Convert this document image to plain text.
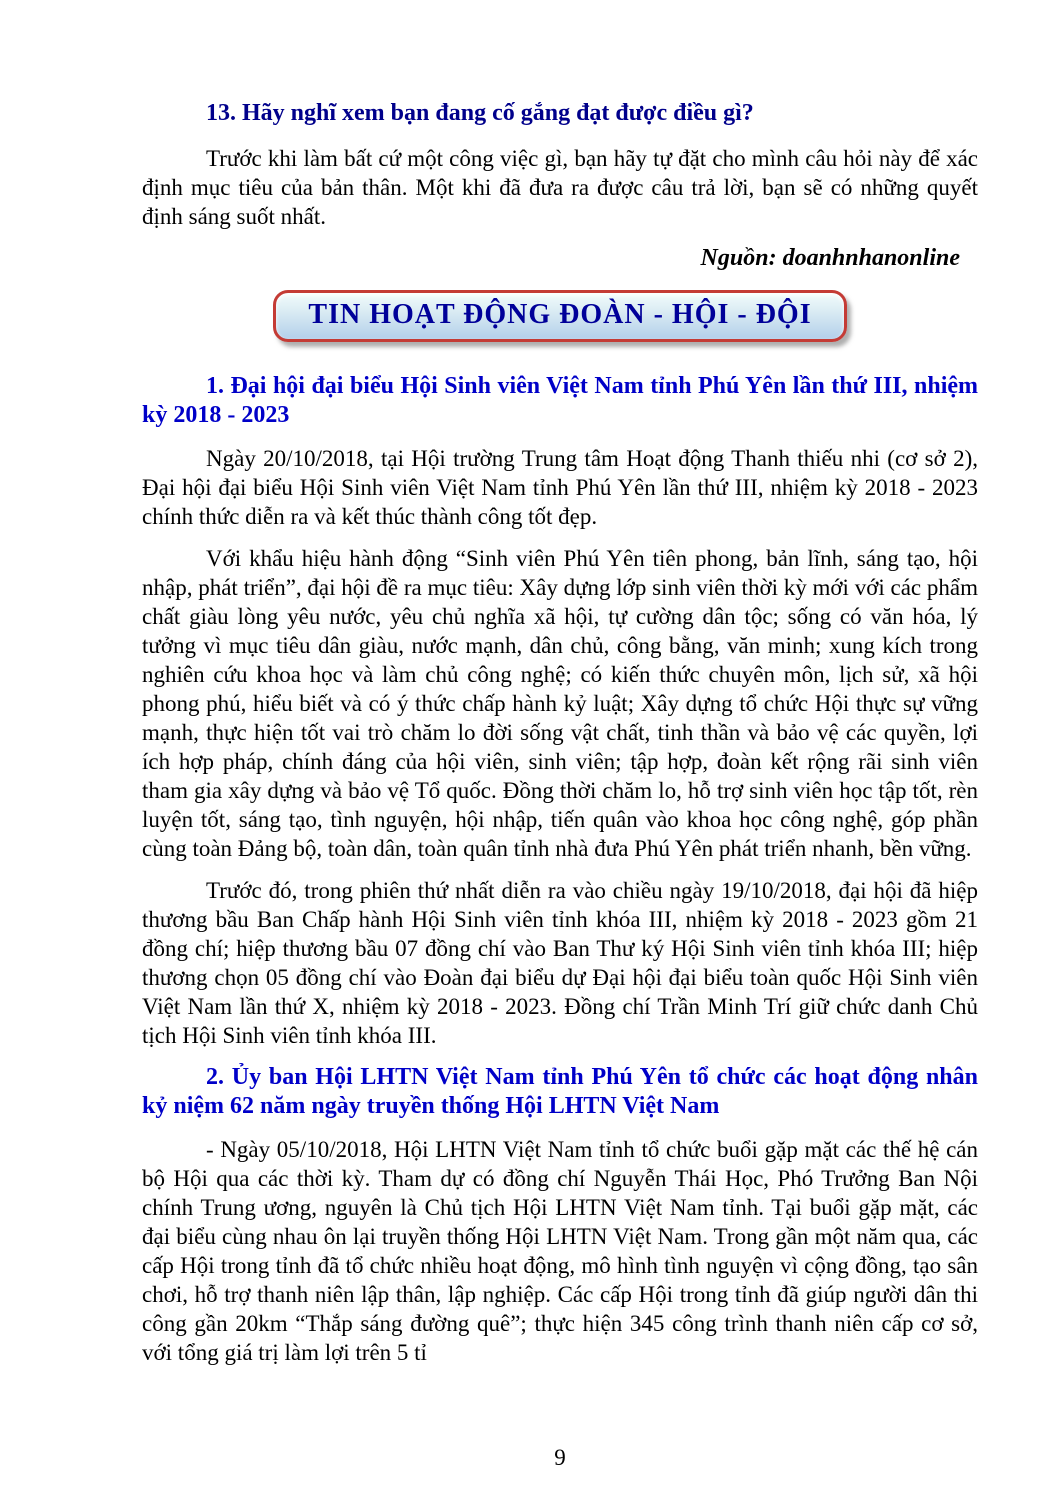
13. Hãy nghĩ xem bạn đang cố gắng đạt được điều gì?

Trước khi làm bất cứ một công việc gì, bạn hãy tự đặt cho mình câu hỏi này để xác định mục tiêu của bản thân. Một khi đã đưa ra được câu trả lời, bạn sẽ có những quyết định sáng suốt nhất.

Nguồn: doanhnhanonline

TIN HOẠT ĐỘNG ĐOÀN - HỘI - ĐỘI
1. Đại hội đại biểu Hội Sinh viên Việt Nam tỉnh Phú Yên lần thứ III, nhiệm kỳ 2018 - 2023

Ngày 20/10/2018, tại Hội trường Trung tâm Hoạt động Thanh thiếu nhi (cơ sở 2), Đại hội đại biểu Hội Sinh viên Việt Nam tỉnh Phú Yên lần thứ III, nhiệm kỳ 2018 - 2023 chính thức diễn ra và kết thúc thành công tốt đẹp.

Với khẩu hiệu hành động “Sinh viên Phú Yên tiên phong, bản lĩnh, sáng tạo, hội nhập, phát triển”, đại hội đề ra mục tiêu: Xây dựng lớp sinh viên thời kỳ mới với các phẩm chất giàu lòng yêu nước, yêu chủ nghĩa xã hội, tự cường dân tộc; sống có văn hóa, lý tưởng vì mục tiêu dân giàu, nước mạnh, dân chủ, công bằng, văn minh; xung kích trong nghiên cứu khoa học và làm chủ công nghệ; có kiến thức chuyên môn, lịch sử, xã hội phong phú, hiểu biết và có ý thức chấp hành kỷ luật; Xây dựng tổ chức Hội thực sự vững mạnh, thực hiện tốt vai trò chăm lo đời sống vật chất, tinh thần và bảo vệ các quyền, lợi ích hợp pháp, chính đáng của hội viên, sinh viên; tập hợp, đoàn kết rộng rãi sinh viên tham gia xây dựng và bảo vệ Tổ quốc. Đồng thời chăm lo, hỗ trợ sinh viên học tập tốt, rèn luyện tốt, sáng tạo, tình nguyện, hội nhập, tiến quân vào khoa học công nghệ, góp phần cùng toàn Đảng bộ, toàn dân, toàn quân tỉnh nhà đưa Phú Yên phát triển nhanh, bền vững.

Trước đó, trong phiên thứ nhất diễn ra vào chiều ngày 19/10/2018, đại hội đã hiệp thương bầu Ban Chấp hành Hội Sinh viên tỉnh khóa III, nhiệm kỳ 2018 - 2023 gồm 21 đồng chí; hiệp thương bầu 07 đồng chí vào Ban Thư ký Hội Sinh viên tỉnh khóa III; hiệp thương chọn 05 đồng chí vào Đoàn đại biểu dự Đại hội đại biểu toàn quốc Hội Sinh viên Việt Nam lần thứ X, nhiệm kỳ 2018 - 2023. Đồng chí Trần Minh Trí giữ chức danh Chủ tịch Hội Sinh viên tỉnh khóa III.

2. Ủy ban Hội LHTN Việt Nam tỉnh Phú Yên tổ chức các hoạt động nhân kỷ niệm 62 năm ngày truyền thống Hội LHTN Việt Nam

- Ngày 05/10/2018, Hội LHTN Việt Nam tỉnh tổ chức buổi gặp mặt các thế hệ cán bộ Hội qua các thời kỳ. Tham dự có đồng chí Nguyễn Thái Học, Phó Trưởng Ban Nội chính Trung ương, nguyên là Chủ tịch Hội LHTN Việt Nam tỉnh. Tại buổi gặp mặt, các đại biểu cùng nhau ôn lại truyền thống Hội LHTN Việt Nam. Trong gần một năm qua, các cấp Hội trong tỉnh đã tổ chức nhiều hoạt động, mô hình tình nguyện vì cộng đồng, tạo sân chơi, hỗ trợ thanh niên lập thân, lập nghiệp. Các cấp Hội trong tỉnh đã giúp người dân thi công gần 20km “Thắp sáng đường quê”; thực hiện 345 công trình thanh niên cấp cơ sở, với tổng giá trị làm lợi trên 5 tỉ

9
